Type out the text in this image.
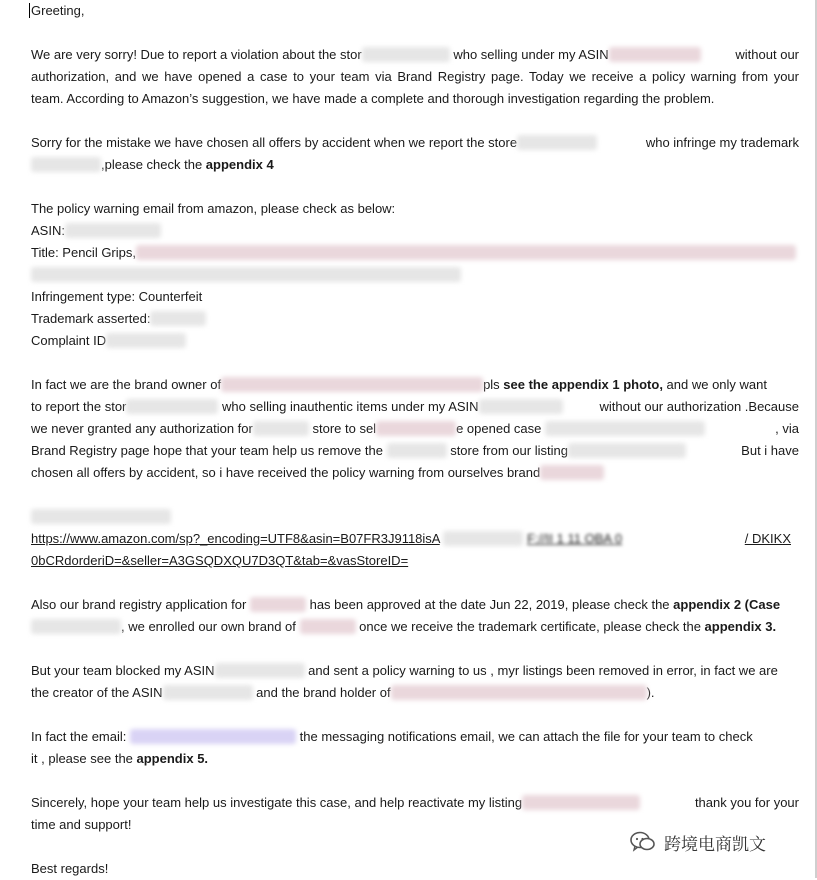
Greeting,
We are very sorry! Due to report a violation about the stor	who selling under my ASIN	without our
authorization, and we have opened a case to your team via Brand Registry page. Today we receive a policy warning from your
team. According to Amazon’s suggestion, we have made a complete and thorough investigation regarding the problem.
Sorry for the mistake we have chosen all offers by accident when we report the store	who infringe my trademark
,please check the appendix 4
The policy warning email from amazon, please check as below:
ASIN:
Title: Pencil Grips,
Infringement type: Counterfeit
Trademark asserted:
Complaint ID
In fact we are the brand owner of	pls see the appendix 1 photo, and we only want
to report the stor	who selling inauthentic items under my ASIN	without our authorization .Because
we never granted any authorization for	store to sel	e opened case	, via
Brand Registry page hope that your team help us remove the	store from our listing	But i have
chosen all offers by accident, so i have received the policy warning from ourselves brand
https://www.amazon.com/sp?_encoding=UTF8&asin=B07FR3J9118isA	F://II 1 11 OBA 0	/ DKIKX
0bCRdorderiD=&seller=A3GSQDXQU7D3QT&tab=&vasStoreID=
Also our brand registry application for	has been approved at the date Jun 22, 2019, please check the appendix 2 (Case
, we enrolled our own brand of	once we receive the trademark certificate, please check the appendix 3.
But your team blocked my ASIN	and sent a policy warning to us , myr listings been removed in error, in fact we are
the creator of the ASIN	and the brand holder of	).
In fact the email:	the messaging notifications email, we can attach the file for your team to check
it , please see the appendix 5.
Sincerely, hope your team help us investigate this case, and help reactivate my listing	thank you for your
time and support!
Best regards!
跨境电商凯文
